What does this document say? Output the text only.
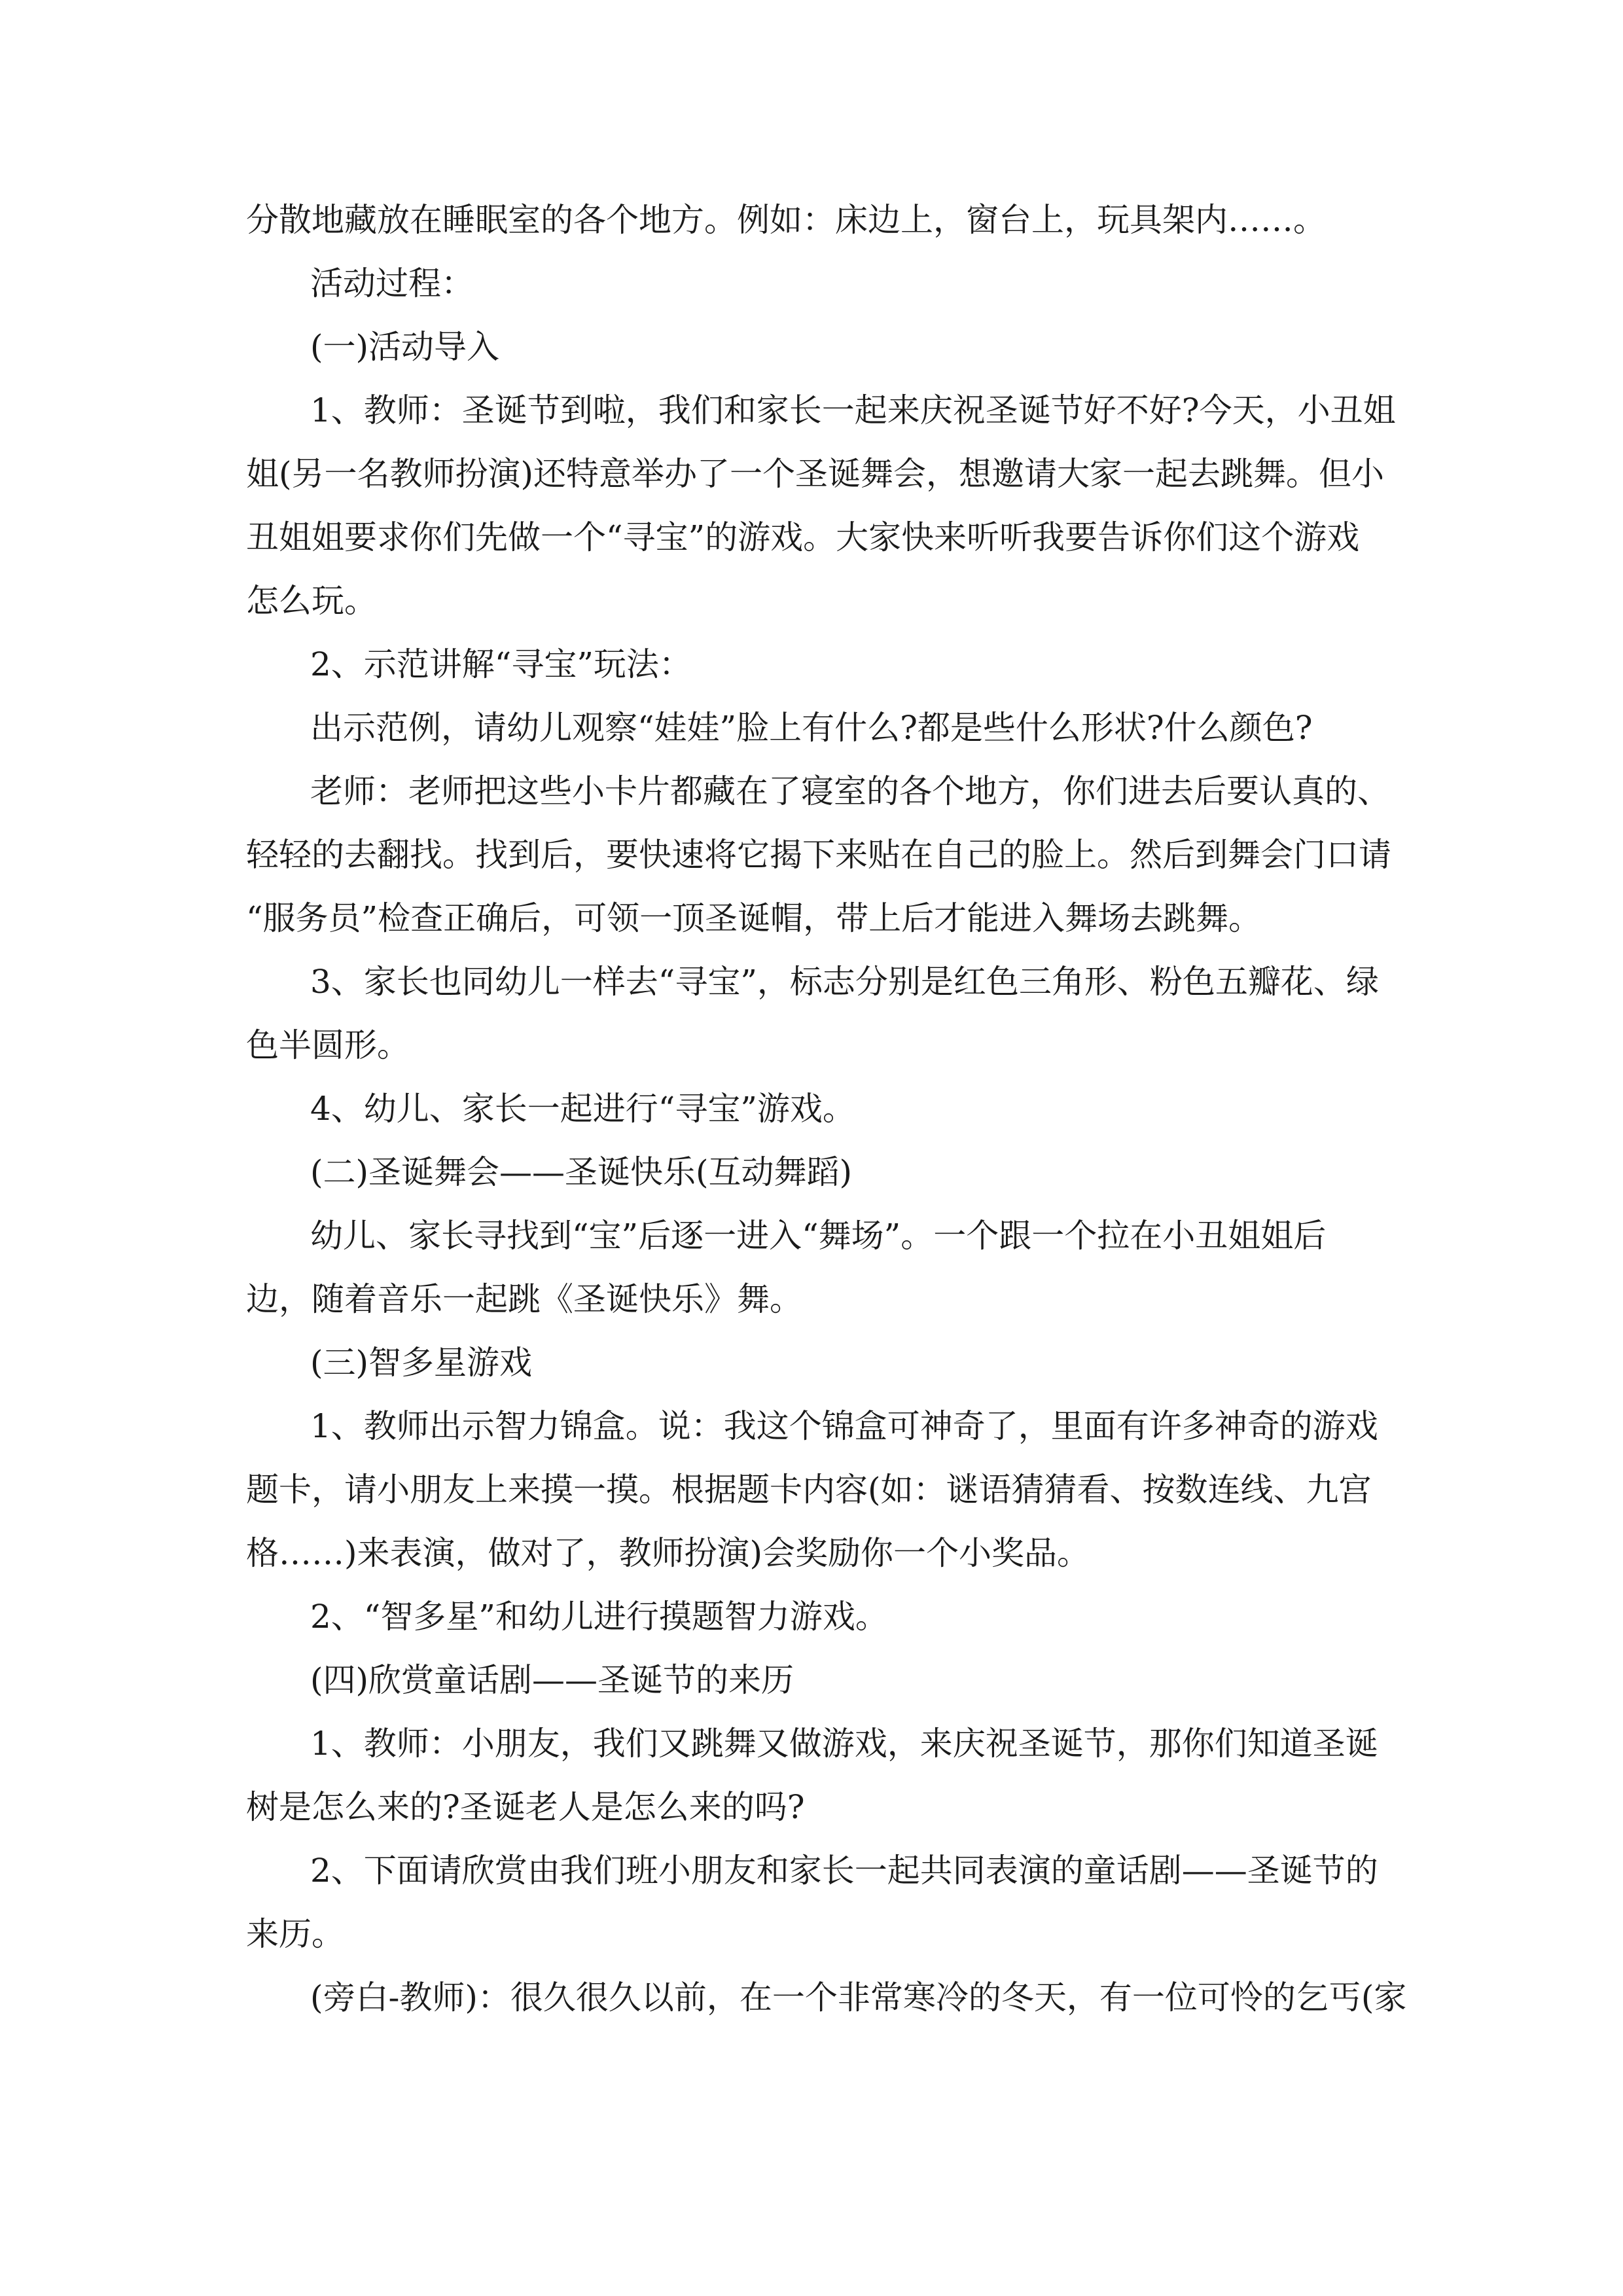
分散地藏放在睡眠室的各个地方。例如：床边上，窗台上，玩具架内……。
活动过程：
(一)活动导入
1、教师：圣诞节到啦，我们和家长一起来庆祝圣诞节好不好?今天，小丑姐
姐(另一名教师扮演)还特意举办了一个圣诞舞会，想邀请大家一起去跳舞。但小
丑姐姐要求你们先做一个“寻宝”的游戏。大家快来听听我要告诉你们这个游戏
怎么玩。
2、示范讲解“寻宝”玩法：
出示范例，请幼儿观察“娃娃”脸上有什么?都是些什么形状?什么颜色?
老师：老师把这些小卡片都藏在了寝室的各个地方，你们进去后要认真的、
轻轻的去翻找。找到后，要快速将它揭下来贴在自己的脸上。然后到舞会门口请
“服务员”检查正确后，可领一顶圣诞帽，带上后才能进入舞场去跳舞。
3、家长也同幼儿一样去“寻宝”，标志分别是红色三角形、粉色五瓣花、绿
色半圆形。
4、幼儿、家长一起进行“寻宝”游戏。
(二)圣诞舞会——圣诞快乐(互动舞蹈)
幼儿、家长寻找到“宝”后逐一进入“舞场”。一个跟一个拉在小丑姐姐后
边，随着音乐一起跳《圣诞快乐》舞。
(三)智多星游戏
1、教师出示智力锦盒。说：我这个锦盒可神奇了，里面有许多神奇的游戏
题卡，请小朋友上来摸一摸。根据题卡内容(如：谜语猜猜看、按数连线、九宫
格……)来表演，做对了，教师扮演)会奖励你一个小奖品。
2、“智多星”和幼儿进行摸题智力游戏。
(四)欣赏童话剧——圣诞节的来历
1、教师：小朋友，我们又跳舞又做游戏，来庆祝圣诞节，那你们知道圣诞
树是怎么来的?圣诞老人是怎么来的吗?
2、下面请欣赏由我们班小朋友和家长一起共同表演的童话剧——圣诞节的
来历。
(旁白-教师)：很久很久以前，在一个非常寒冷的冬天，有一位可怜的乞丐(家
